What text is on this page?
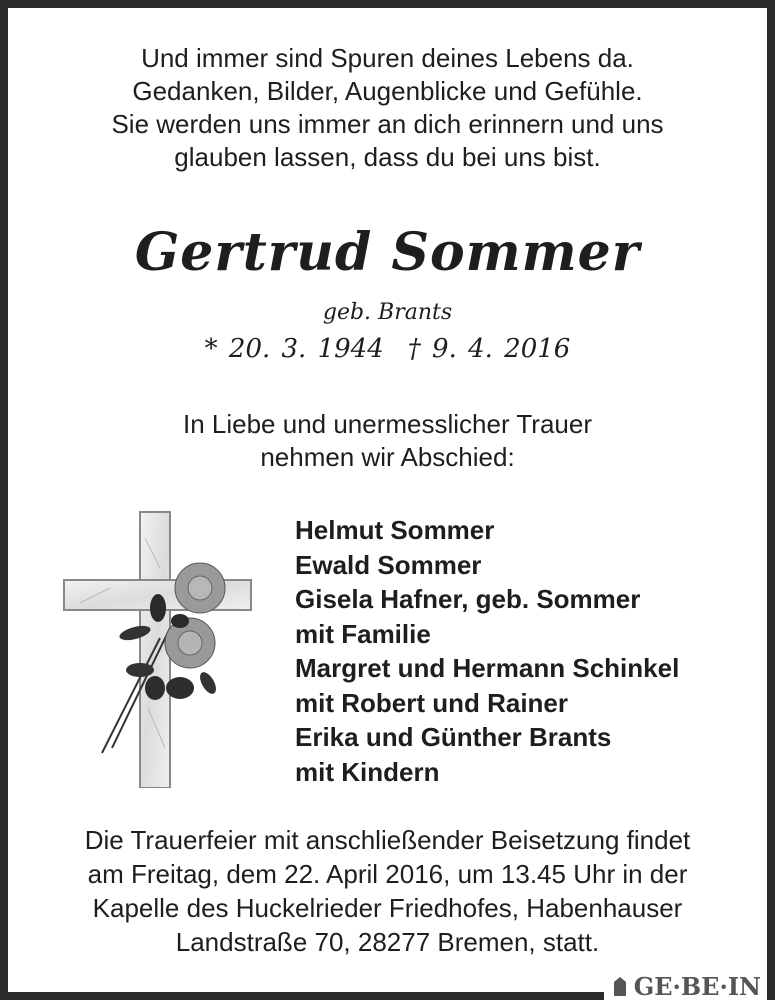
Und immer sind Spuren deines Lebens da.
Gedanken, Bilder, Augenblicke und Gefühle.
Sie werden uns immer an dich erinnern und uns
glauben lassen, dass du bei uns bist.
Gertrud Sommer
geb. Brants
* 20. 3. 1944 † 9. 4. 2016
In Liebe und unermesslicher Trauer
nehmen wir Abschied:
Helmut Sommer
Ewald Sommer
Gisela Hafner, geb. Sommer
mit Familie
Margret und Hermann Schinkel
mit Robert und Rainer
Erika und Günther Brants
mit Kindern
Die Trauerfeier mit anschließender Beisetzung findet
am Freitag, dem 22. April 2016, um 13.45 Uhr in der
Kapelle des Huckelrieder Friedhofes, Habenhauser
Landstraße 70, 28277 Bremen, statt.
GE·BE·IN
